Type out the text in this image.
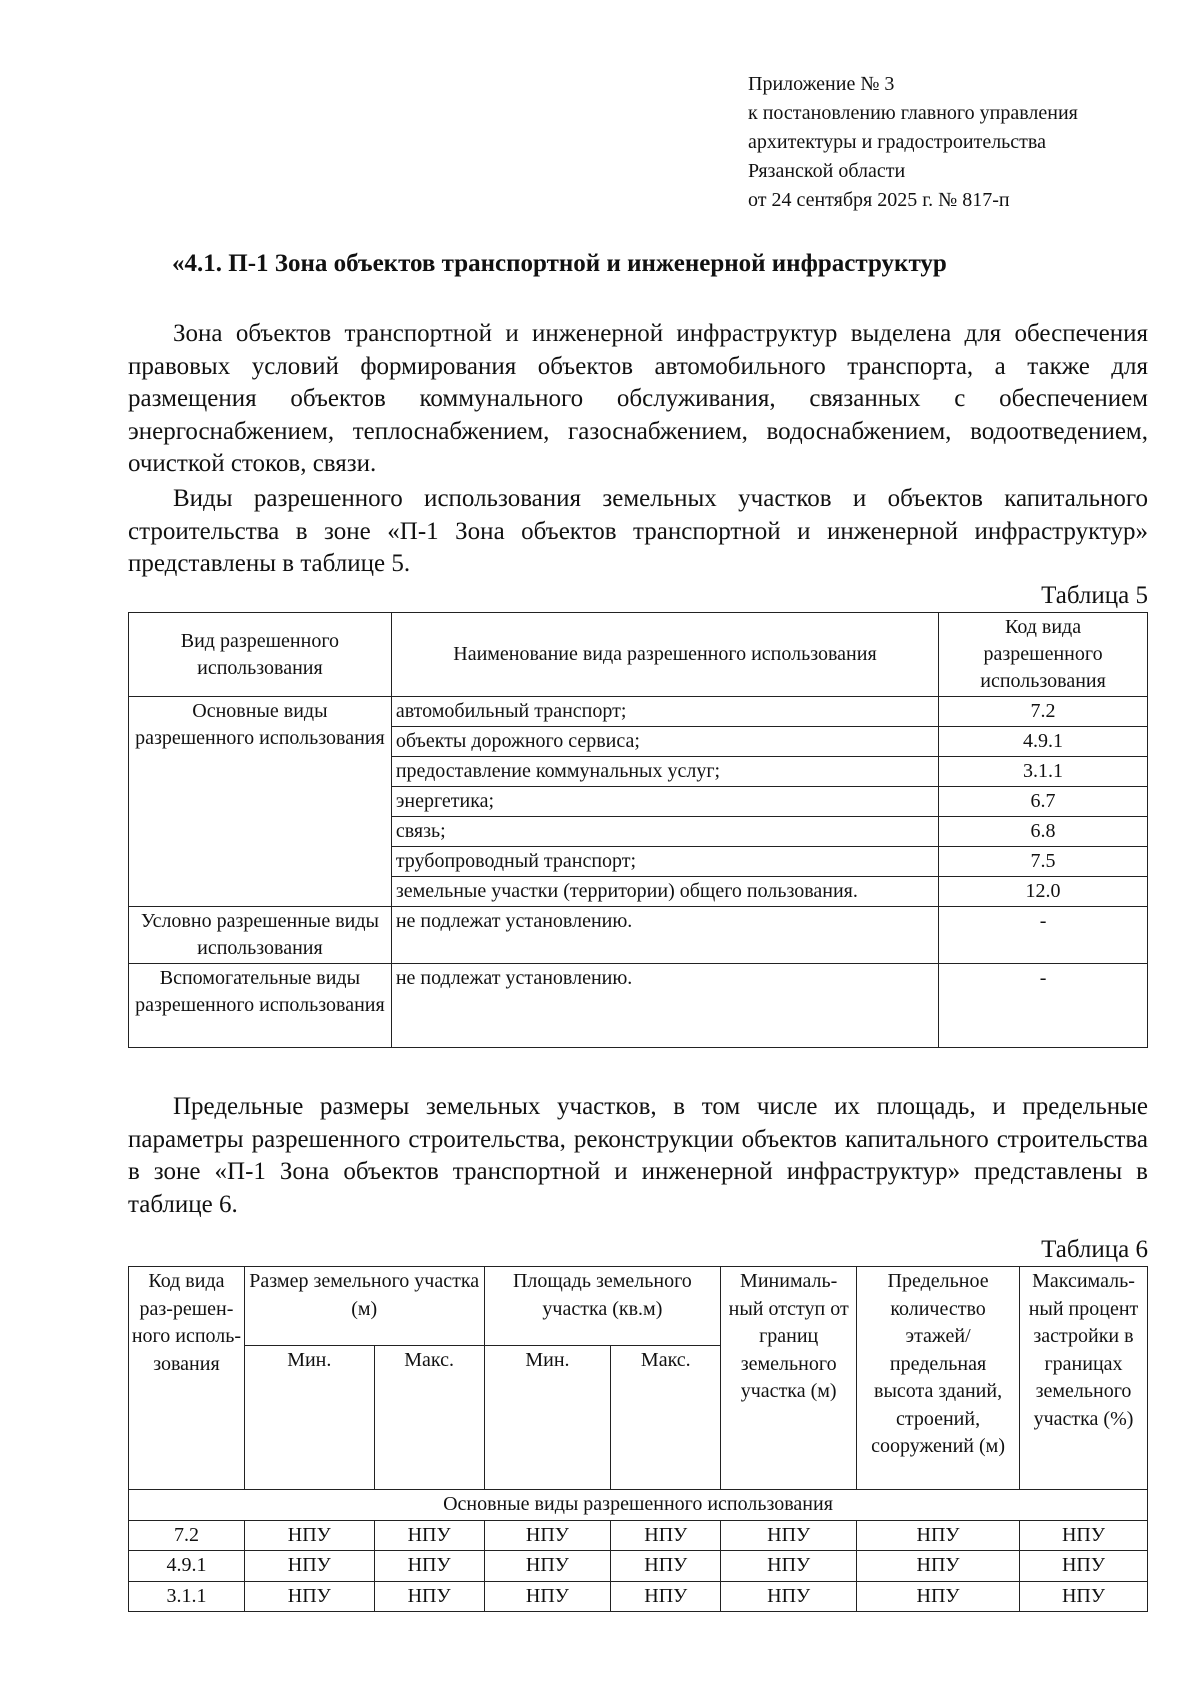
Приложение № 3
к постановлению главного управления
архитектуры и градостроительства
Рязанской области
от 24 сентября 2025 г. № 817-п
«4.1. П-1 Зона объектов транспортной и инженерной инфраструктур

Зона объектов транспортной и инженерной инфраструктур выделена для обеспечения правовых условий формирования объектов автомобильного транспорта, а также для размещения объектов коммунального обслуживания, связанных с обеспечением энергоснабжением, теплоснабжением, газоснабжением, водоснабжением, водоотведением, очисткой стоков, связи.

Виды разрешенного использования земельных участков и объектов капитального строительства в зоне «П-1 Зона объектов транспортной и инженерной инфраструктур» представлены в таблице 5.

Таблица 5
Вид разрешенного использования	Наименование вида разрешенного использования	Код вида разрешенного использования
Основные виды разрешенного использования	автомобильный транспорт;	7.2
	объекты дорожного сервиса;	4.9.1
	предоставление коммунальных услуг;	3.1.1
	энергетика;	6.7
	связь;	6.8
	трубопроводный транспорт;	7.5
	земельные участки (территории) общего пользования.	12.0
Условно разрешенные виды использования	не подлежат установлению.	-
Вспомогательные виды разрешенного использования	не подлежат установлению.	-

Предельные размеры земельных участков, в том числе их площадь, и предельные параметры разрешенного строительства, реконструкции объектов капитального строительства в зоне «П-1 Зона объектов транспортной и инженерной инфраструктур» представлены в таблице 6.

Таблица 6
Код вида раз-решен-ного исполь-зования	Размер земельного участка (м)		Площадь земельного участка (кв.м)		Минималь-ный отступ от границ земельного участка (м)	Предельное количество этажей/ предельная высота зданий, строений, сооружений (м)	Максималь-ный процент застройки в границах земельного участка (%)
	Мин.	Макс.	Мин.	Макс.			
Основные виды разрешенного использования							
7.2	НПУ	НПУ	НПУ	НПУ	НПУ	НПУ	НПУ
4.9.1	НПУ	НПУ	НПУ	НПУ	НПУ	НПУ	НПУ
3.1.1	НПУ	НПУ	НПУ	НПУ	НПУ	НПУ	НПУ
